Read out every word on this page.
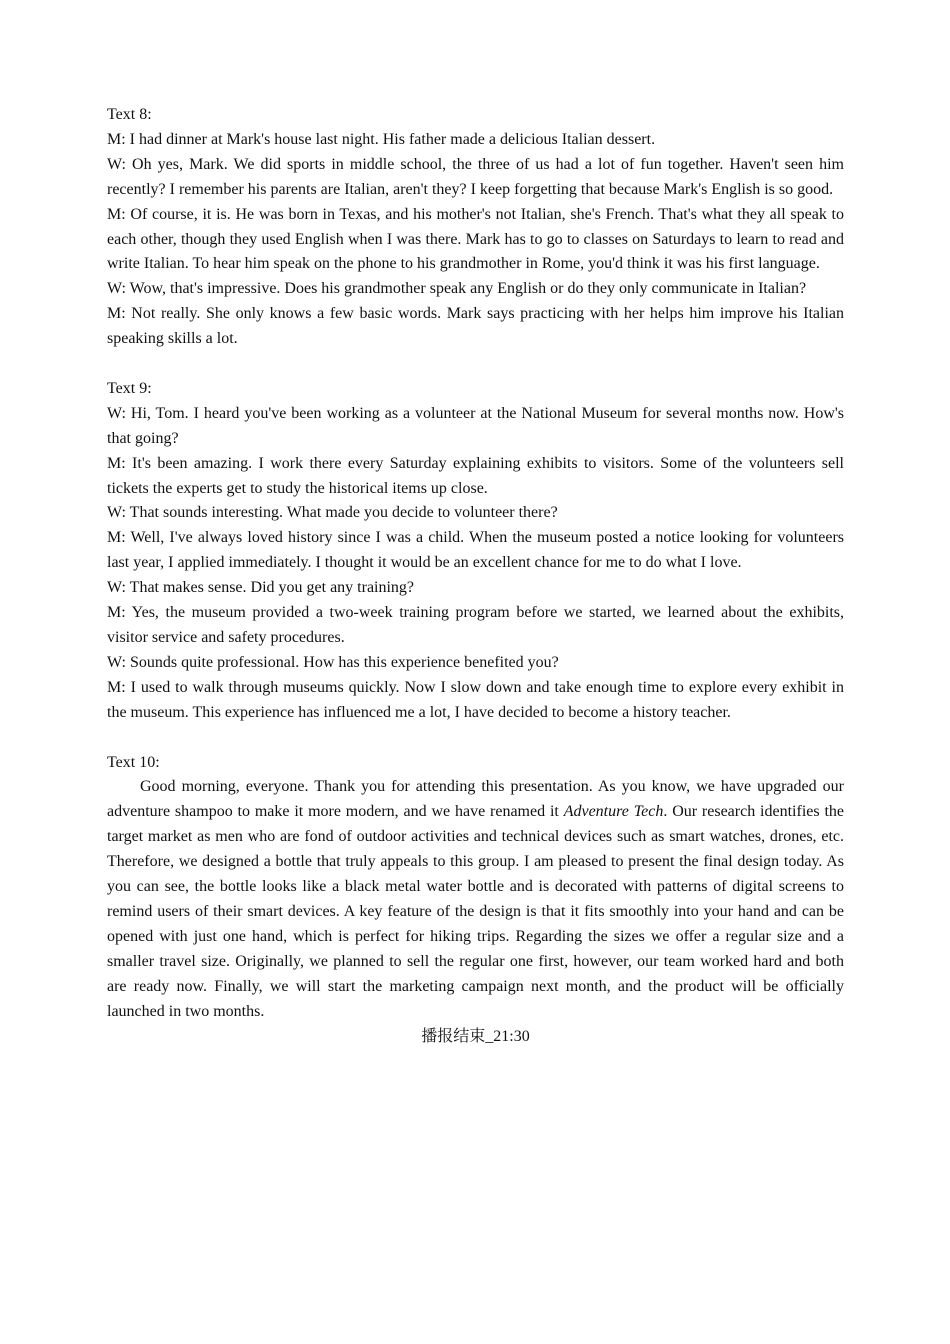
Text 8:
M: I had dinner at Mark's house last night. His father made a delicious Italian dessert.
W: Oh yes, Mark. We did sports in middle school, the three of us had a lot of fun together. Haven't seen him recently? I remember his parents are Italian, aren't they? I keep forgetting that because Mark's English is so good.
M: Of course, it is. He was born in Texas, and his mother's not Italian, she's French. That's what they all speak to each other, though they used English when I was there. Mark has to go to classes on Saturdays to learn to read and write Italian. To hear him speak on the phone to his grandmother in Rome, you'd think it was his first language.
W: Wow, that's impressive. Does his grandmother speak any English or do they only communicate in Italian?
M: Not really. She only knows a few basic words. Mark says practicing with her helps him improve his Italian speaking skills a lot.
Text 9:
W: Hi, Tom. I heard you've been working as a volunteer at the National Museum for several months now. How's that going?
M: It's been amazing. I work there every Saturday explaining exhibits to visitors. Some of the volunteers sell tickets the experts get to study the historical items up close.
W: That sounds interesting. What made you decide to volunteer there?
M: Well, I've always loved history since I was a child. When the museum posted a notice looking for volunteers last year, I applied immediately. I thought it would be an excellent chance for me to do what I love.
W: That makes sense. Did you get any training?
M: Yes, the museum provided a two-week training program before we started, we learned about the exhibits, visitor service and safety procedures.
W: Sounds quite professional. How has this experience benefited you?
M: I used to walk through museums quickly. Now I slow down and take enough time to explore every exhibit in the museum. This experience has influenced me a lot, I have decided to become a history teacher.
Text 10:
Good morning, everyone. Thank you for attending this presentation. As you know, we have upgraded our adventure shampoo to make it more modern, and we have renamed it Adventure Tech. Our research identifies the target market as men who are fond of outdoor activities and technical devices such as smart watches, drones, etc. Therefore, we designed a bottle that truly appeals to this group. I am pleased to present the final design today. As you can see, the bottle looks like a black metal water bottle and is decorated with patterns of digital screens to remind users of their smart devices. A key feature of the design is that it fits smoothly into your hand and can be opened with just one hand, which is perfect for hiking trips. Regarding the sizes we offer a regular size and a smaller travel size. Originally, we planned to sell the regular one first, however, our team worked hard and both are ready now. Finally, we will start the marketing campaign next month, and the product will be officially launched in two months.
播报结束_21:30
